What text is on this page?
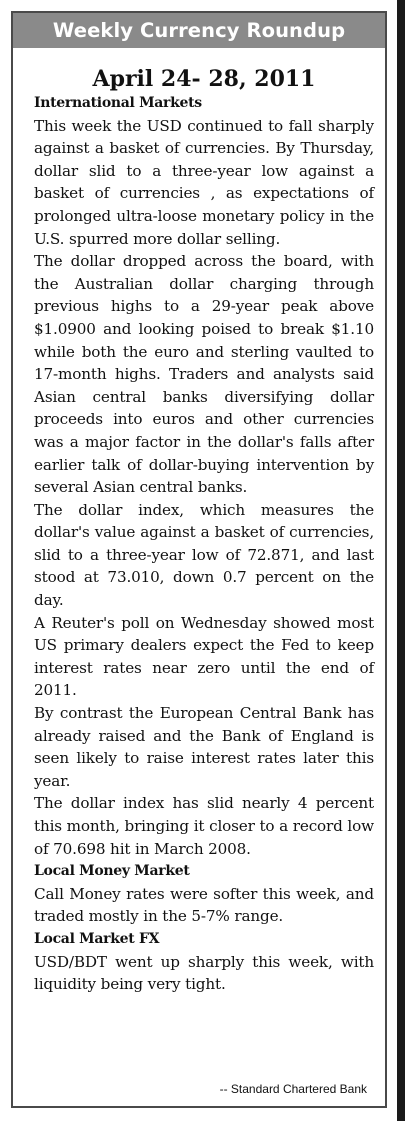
Weekly Currency Roundup
April 24- 28, 2011
International Markets

This week the USD continued to fall sharply against a basket of currencies. By Thursday, dollar slid to a three-year low against a basket of currencies , as expectations of prolonged ultra-loose monetary policy in the U.S. spurred more dollar selling.

The dollar dropped across the board, with the Australian dollar charging through previous highs to a 29-year peak above $1.0900 and looking poised to break $1.10 while both the euro and sterling vaulted to 17-month highs. Traders and analysts said Asian central banks diversifying dollar proceeds into euros and other currencies was a major factor in the dollar's falls after earlier talk of dollar-buying intervention by several Asian central banks.

The dollar index, which measures the dollar's value against a basket of currencies, slid to a three-year low of 72.871, and last stood at 73.010, down 0.7 percent on the day.

A Reuter's poll on Wednesday showed most US primary dealers expect the Fed to keep interest rates near zero until the end of 2011.

By contrast the European Central Bank has already raised and the Bank of England is seen likely to raise interest rates later this year.

The dollar index has slid nearly 4 percent this month, bringing it closer to a record low of 70.698 hit in March 2008.

Local Money Market

Call Money rates were softer this week, and traded mostly in the 5-7% range.

Local Market FX

USD/BDT went up sharply this week, with liquidity being very tight.

-- Standard Chartered Bank
